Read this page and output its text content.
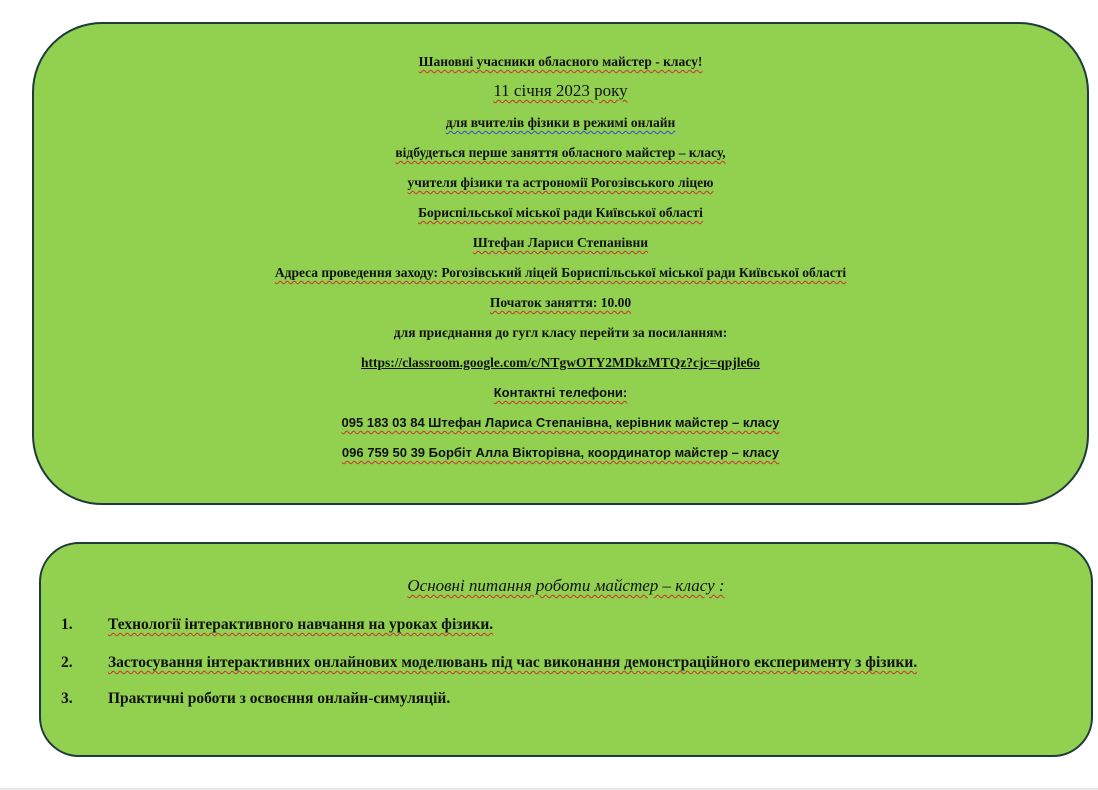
Шановні учасники обласного майстер - класу!
11 січня 2023 року
для вчителів фізики в режимі онлайн
відбудеться перше заняття обласного майстер – класу,
учителя фізики та астрономії Рогозівського ліцею
Бориспільської міської ради Київської області
Штефан Лариси Степанівни
Адреса проведення заходу: Рогозівський ліцей Бориспільської міської ради Київської області
Початок заняття: 10.00
для приєднання до гугл класу перейти за посиланням:
https://classroom.google.com/c/NTgwOTY2MDkzMTQz?cjc=qpjle6o
Контактні телефони:
095 183 03 84 Штефан Лариса Степанівна, керівник майстер – класу
096 759 50 39 Борбіт Алла Вікторівна, координатор майстер – класу
Основні питання роботи майстер – класу :
1. Технології інтерактивного навчання на уроках фізики.
2. Застосування інтерактивних онлайнових моделювань під час виконання демонстраційного експерименту з фізики.
3. Практичні роботи з освоєння онлайн-симуляцій.
